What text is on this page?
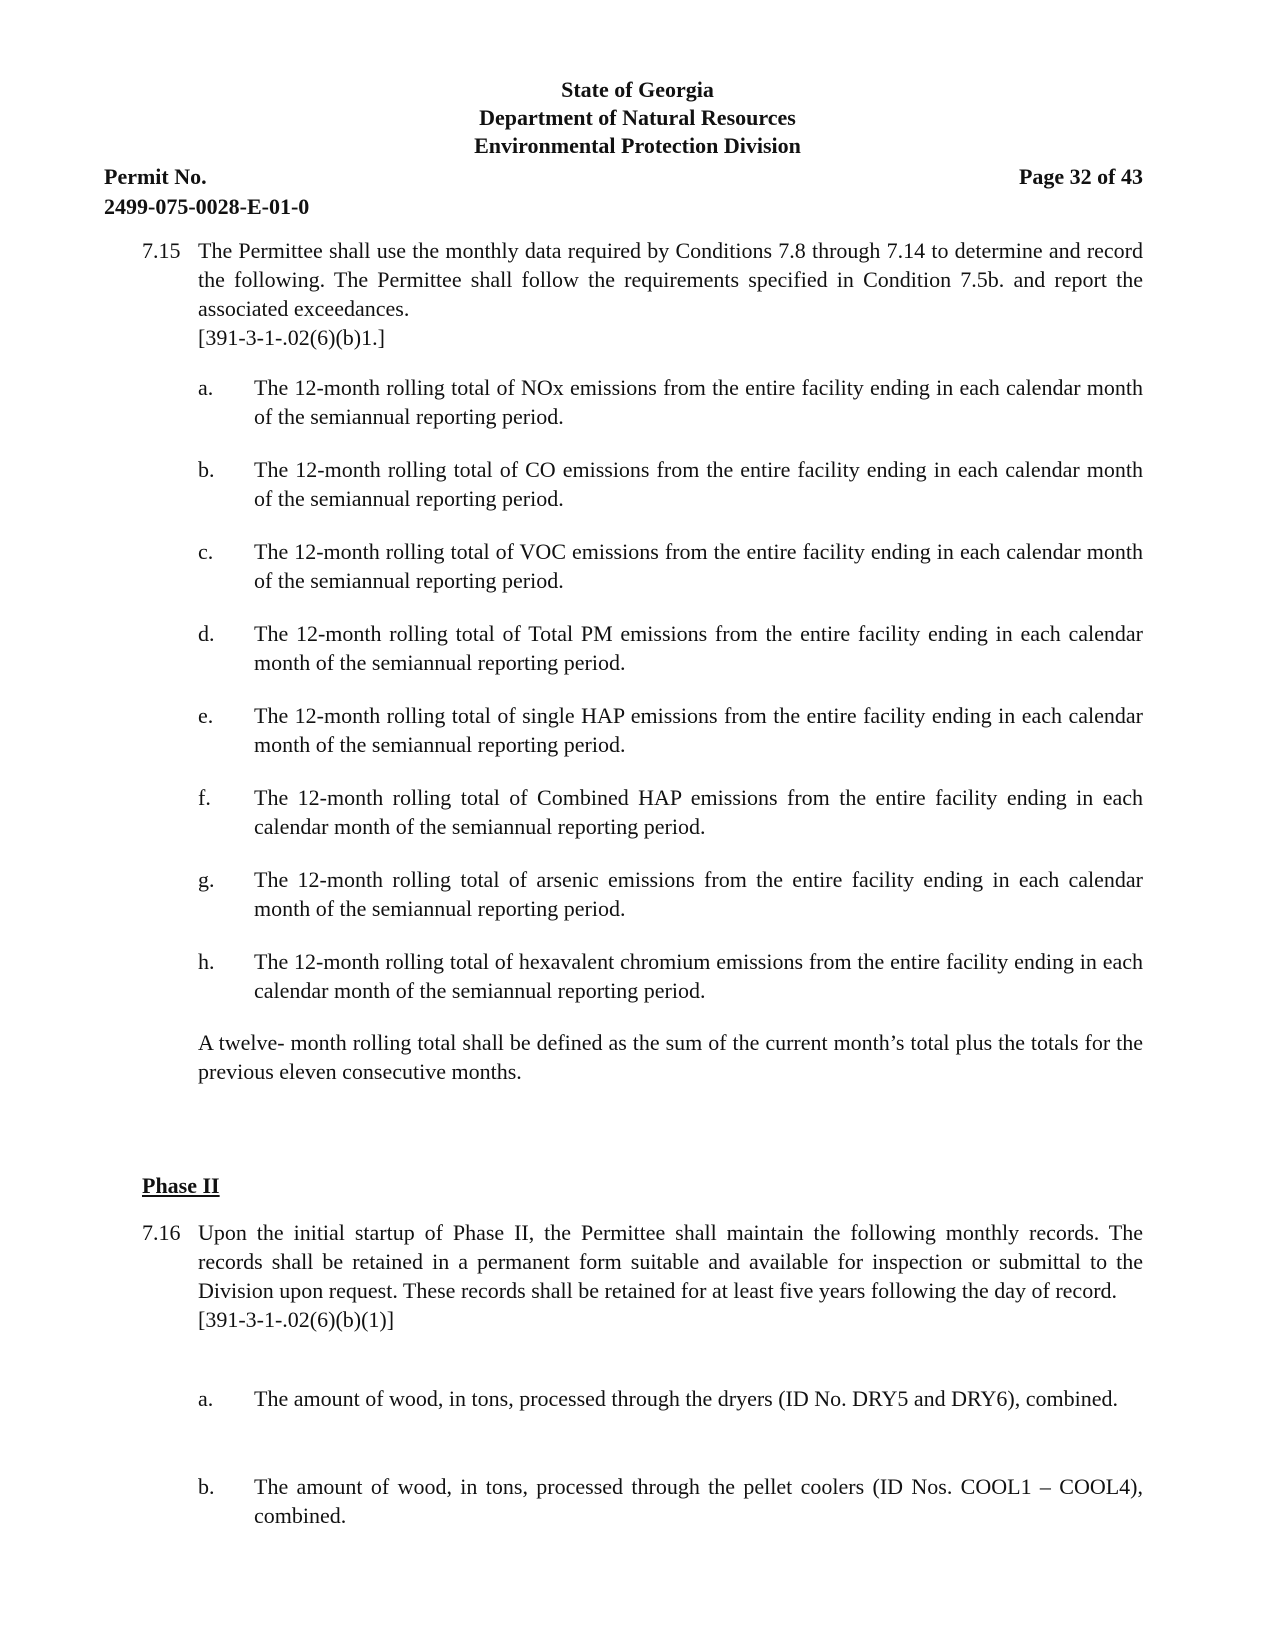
State of Georgia
Department of Natural Resources
Environmental Protection Division
Permit No.
2499-075-0028-E-01-0
Page 32 of 43
7.15 The Permittee shall use the monthly data required by Conditions 7.8 through 7.14 to determine and record the following. The Permittee shall follow the requirements specified in Condition 7.5b. and report the associated exceedances.
[391-3-1-.02(6)(b)1.]
a.	The 12-month rolling total of NOx emissions from the entire facility ending in each calendar month of the semiannual reporting period.
b.	The 12-month rolling total of CO emissions from the entire facility ending in each calendar month of the semiannual reporting period.
c.	The 12-month rolling total of VOC emissions from the entire facility ending in each calendar month of the semiannual reporting period.
d.	The 12-month rolling total of Total PM emissions from the entire facility ending in each calendar month of the semiannual reporting period.
e.	The 12-month rolling total of single HAP emissions from the entire facility ending in each calendar month of the semiannual reporting period.
f.	The 12-month rolling total of Combined HAP emissions from the entire facility ending in each calendar month of the semiannual reporting period.
g.	The 12-month rolling total of arsenic emissions from the entire facility ending in each calendar month of the semiannual reporting period.
h.	The 12-month rolling total of hexavalent chromium emissions from the entire facility ending in each calendar month of the semiannual reporting period.
A twelve- month rolling total shall be defined as the sum of the current month’s total plus the totals for the previous eleven consecutive months.
Phase II
7.16 Upon the initial startup of Phase II, the Permittee shall maintain the following monthly records. The records shall be retained in a permanent form suitable and available for inspection or submittal to the Division upon request. These records shall be retained for at least five years following the day of record.
[391-3-1-.02(6)(b)(1)]
a.	The amount of wood, in tons, processed through the dryers (ID No. DRY5 and DRY6), combined.
b.	The amount of wood, in tons, processed through the pellet coolers (ID Nos. COOL1 – COOL4), combined.
